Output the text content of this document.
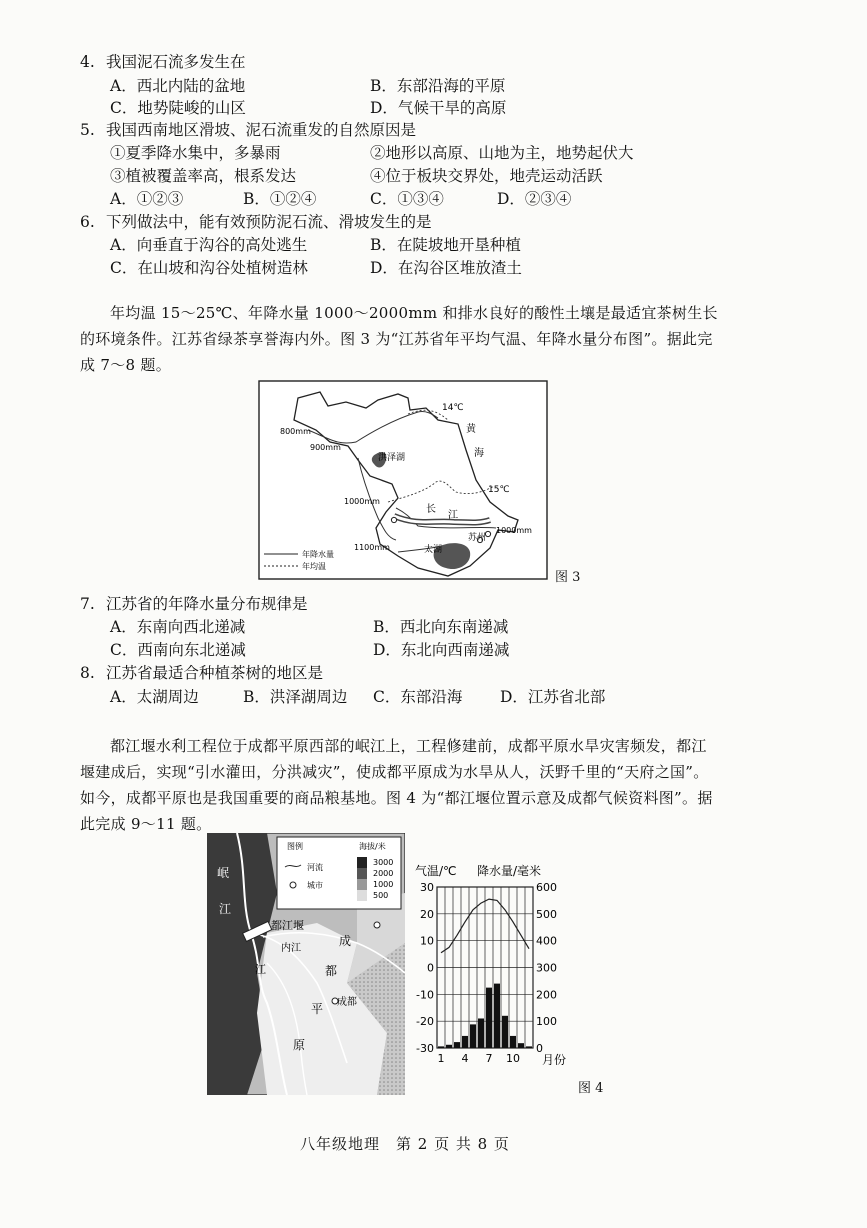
4. 我国泥石流多发生在
A．西北内陆的盆地	B．东部沿海的平原
C．地势陡峻的山区	D．气候干旱的高原
5. 我国西南地区滑坡、泥石流重发的自然原因是
①夏季降水集中，多暴雨	②地形以高原、山地为主，地势起伏大
③植被覆盖率高，根系发达	④位于板块交界处，地壳运动活跃
A．①②③	B．①②④	C．①③④	D．②③④
6. 下列做法中，能有效预防泥石流、滑坡发生的是
A．向垂直于沟谷的高处逃生	B．在陡坡地开垦种植
C．在山坡和沟谷处植树造林	D．在沟谷区堆放渣土
年均温 15～25℃、年降水量 1000～2000mm 和排水良好的酸性土壤是最适宜茶树生长的环境条件。江苏省绿茶享誉海内外。图 3 为“江苏省年平均气温、年降水量分布图”。据此完成 7～8 题。
14℃
15℃
800mm
900mm
1000mm
1000mm
1100mm
黄
海
洪泽湖
长
江
苏州
太湖
年降水量
年均温
图 3
7. 江苏省的年降水量分布规律是
A．东南向西北递减	B．西北向东南递减
C．西南向东北递减	D．东北向西南递减
8. 江苏省最适合种植茶树的地区是
A．太湖周边	B．洪泽湖周边 C．东部沿海 D．江苏省北部
都江堰水利工程位于成都平原西部的岷江上，工程修建前，成都平原水旱灾害频发，都江堰建成后，实现“引水灌田，分洪减灾”，使成都平原成为水旱从人，沃野千里的“天府之国”。如今，成都平原也是我国重要的商品粮基地。图 4 为“都江堰位置示意及成都气候资料图”。据此完成 9～11 题。
图例	海拔/米
河流
城市
3000
2000
1000
500
岷
江
都江堰
内江
江
成
都
成都
平
原
气温/℃ 降水量/毫米
30	600
20	500
10	400
0	300
-10	200
-20	100
-30	0
1 4 7 10 月份
图 4
八年级地理　第 2 页 共 8 页
